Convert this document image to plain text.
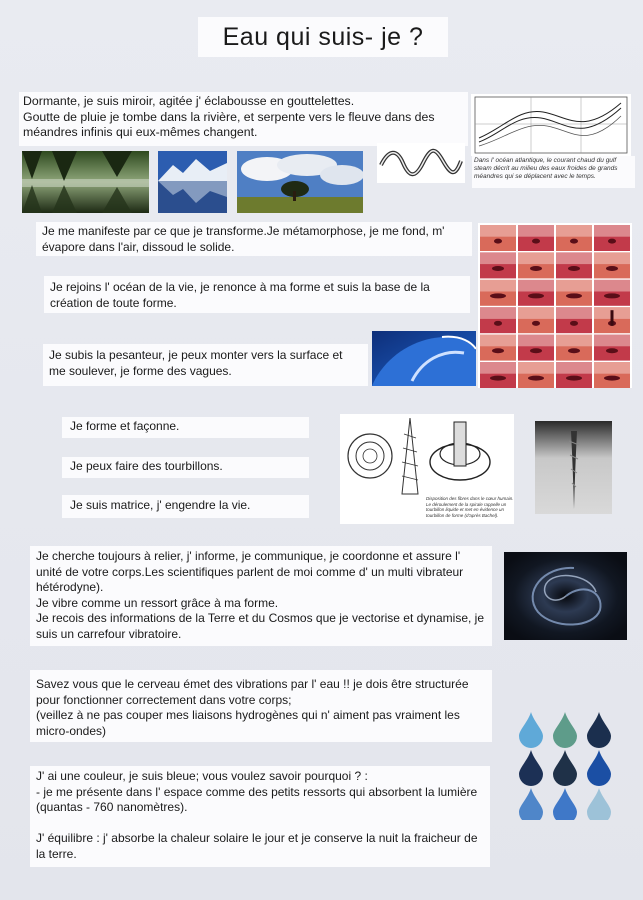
Eau qui suis- je ?
Dormante, je suis miroir, agitée j' éclabousse en gouttelettes.
Goutte de pluie je tombe dans la rivière, et serpente vers le fleuve dans des méandres infinis qui eux-mêmes changent.
Dans l' océan atlantique, le courant chaud du gulf steam décrit au milieu des eaux froides de grands méandres qui se déplacent avec le temps.
Je me manifeste par ce que je transforme.Je métamorphose, je me fond, m' évapore dans l'air, dissoud le solide.
Je rejoins l' océan de la vie, je renonce à ma forme et suis la base de la création de toute forme.
Je subis la pesanteur, je peux monter vers la surface et me soulever, je forme des vagues.
Je forme et façonne.
Je peux faire des tourbillons.
Je suis matrice, j' engendre la vie.	Disposition des fibres dans le cœur humain. Le déroulement de la spirale rappelle un tourbillon liquide et met en évidence un tourbillon de forme (d'après Bachel).
Je cherche toujours à relier, j' informe, je communique, je coordonne et assure l' unité de votre corps.Les scientifiques parlent de moi comme d' un multi vibrateur hétérodyne).
Je vibre comme un ressort grâce à ma forme.
Je recois des informations de la Terre et du Cosmos que je vectorise et dynamise, je suis un carrefour vibratoire.
Savez vous que le cerveau émet des vibrations par l' eau !! je dois être structurée pour fonctionner correctement dans votre corps;
(veillez à ne pas couper mes liaisons hydrogènes qui n' aiment pas vraiment les micro-ondes)
J' ai une couleur, je suis bleue; vous voulez savoir pourquoi ? :
- je me présente dans l' espace comme des petits ressorts qui absorbent la lumière (quantas - 760 nanomètres).

J' équilibre : j' absorbe la chaleur solaire le jour et je conserve la nuit la fraicheur de la terre.
